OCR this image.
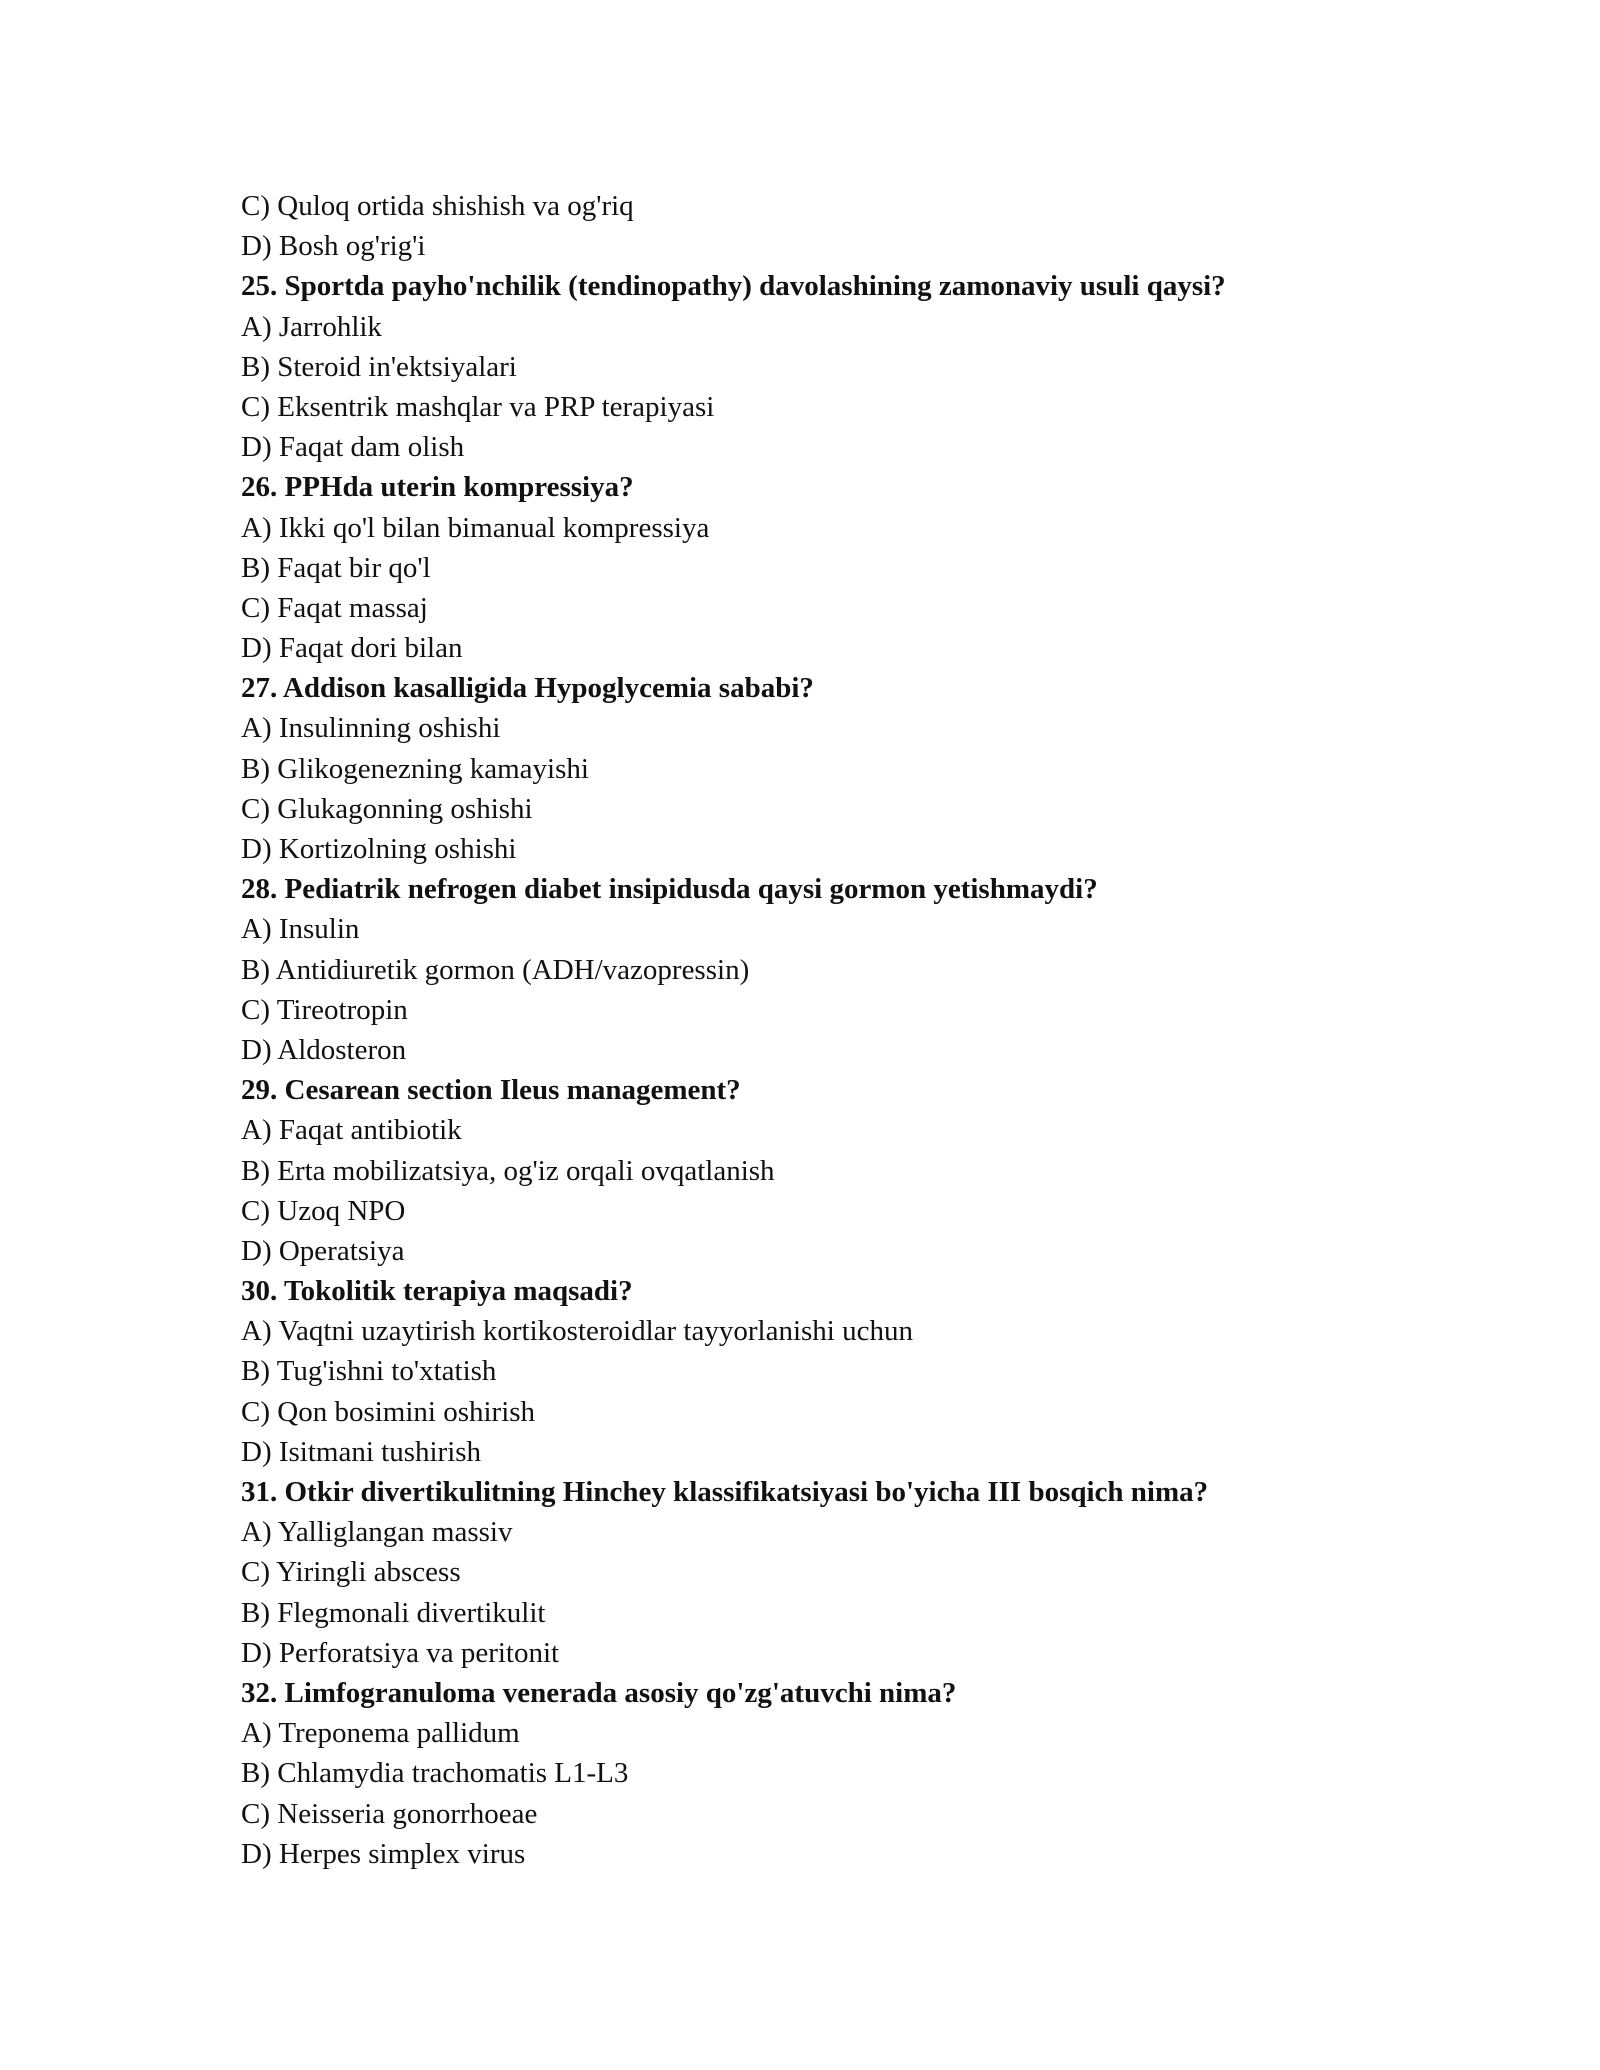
C) Quloq ortida shishish va og'riq
D) Bosh og'rig'i
25. Sportda payho'nchilik (tendinopathy) davolashining zamonaviy usuli qaysi?
A) Jarrohlik
B) Steroid in'ektsiyalari
C) Eksentrik mashqlar va PRP terapiyasi
D) Faqat dam olish
26. PPHda uterin kompressiya?
A) Ikki qo'l bilan bimanual kompressiya
B) Faqat bir qo'l
C) Faqat massaj
D) Faqat dori bilan
27. Addison kasalligida Hypoglycemia sababi?
A) Insulinning oshishi
B) Glikogenezning kamayishi
C) Glukagonning oshishi
D) Kortizolning oshishi
28. Pediatrik nefrogen diabet insipidusda qaysi gormon yetishmaydi?
A) Insulin
B) Antidiuretik gormon (ADH/vazopressin)
C) Tireotropin
D) Aldosteron
29. Cesarean section Ileus management?
A) Faqat antibiotik
B) Erta mobilizatsiya, og'iz orqali ovqatlanish
C) Uzoq NPO
D) Operatsiya
30. Tokolitik terapiya maqsadi?
A) Vaqtni uzaytirish kortikosteroidlar tayyorlanishi uchun
B) Tug'ishni to'xtatish
C) Qon bosimini oshirish
D) Isitmani tushirish
31. Otkir divertikulitning Hinchey klassifikatsiyasi bo'yicha III bosqich nima?
A) Yalliglangan massiv
C) Yiringli abscess
B) Flegmonali divertikulit
D) Perforatsiya va peritonit
32. Limfogranuloma venerada asosiy qo'zg'atuvchi nima?
A) Treponema pallidum
B) Chlamydia trachomatis L1-L3
C) Neisseria gonorrhoeae
D) Herpes simplex virus
